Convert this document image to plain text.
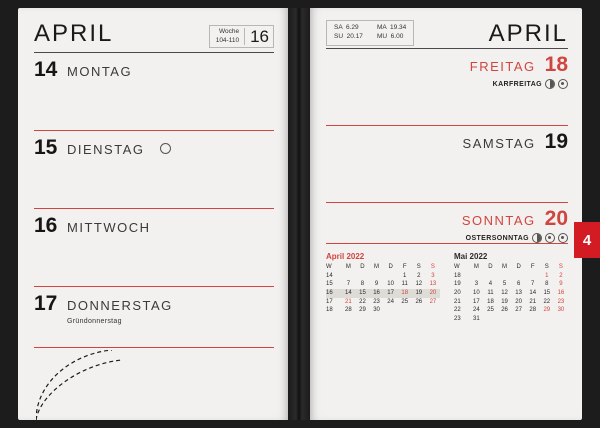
APRIL	Woche
104-110 16
14 MONTAG
15 DIENSTAG
16 MITTWOCH
17 DONNERSTAG
Gründonnerstag
SA 6.29
SU 20.17
MA 19.34
MU 6.00	APRIL
FREITAG 18
KARFREITAG
SAMSTAG 19
SONNTAG 20
OSTERSONNTAG
April 2022
W	M	D	M	D	F	S	S
14					1	2	3
15	7	8	9	10	11	12	13
16	14	15	16	17	18	19	20
17	21	22	23	24	25	26	27
18	28	29	30				
Mai 2022
W	M	D	M	D	F	S	S
18						1	2
19	3	4	5	6	7	8	9
20	10	11	12	13	14	15	16
21	17	18	19	20	21	22	23
22	24	25	26	27	28	29	30
23	31						
4
